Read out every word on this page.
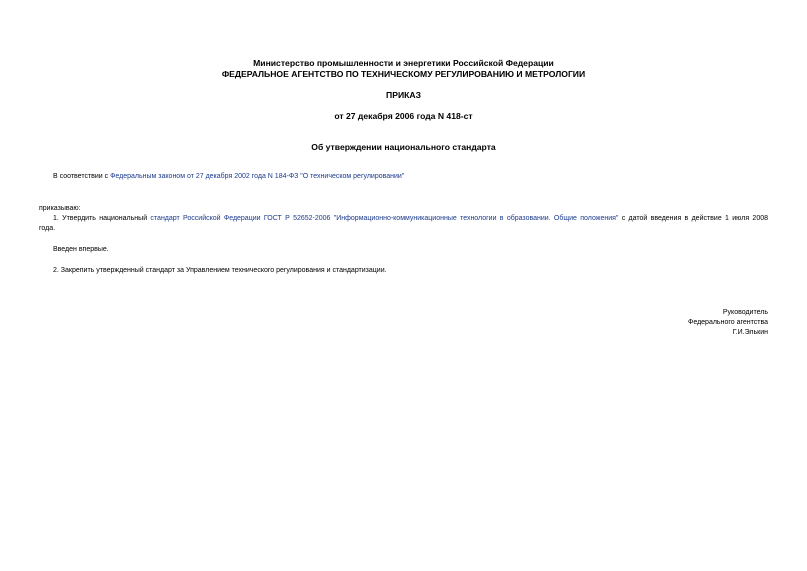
Министерство промышленности и энергетики Российской Федерации
ФЕДЕРАЛЬНОЕ АГЕНТСТВО ПО ТЕХНИЧЕСКОМУ РЕГУЛИРОВАНИЮ И МЕТРОЛОГИИ
ПРИКАЗ
от 27 декабря 2006 года N 418-ст
Об утверждении национального стандарта
В соответствии с Федеральным законом от 27 декабря 2002 года N 184-ФЗ "О техническом регулировании"
приказываю:
1. Утвердить национальный стандарт Российской Федерации ГОСТ Р 52652-2006 "Информационно-коммуникационные технологии в образовании. Общие положения" с датой введения в действие 1 июля 2008
года.
Введен впервые.
2. Закрепить утвержденный стандарт за Управлением технического регулирования и стандартизации.
Руководитель
Федерального агентства
Г.И.Элькин
